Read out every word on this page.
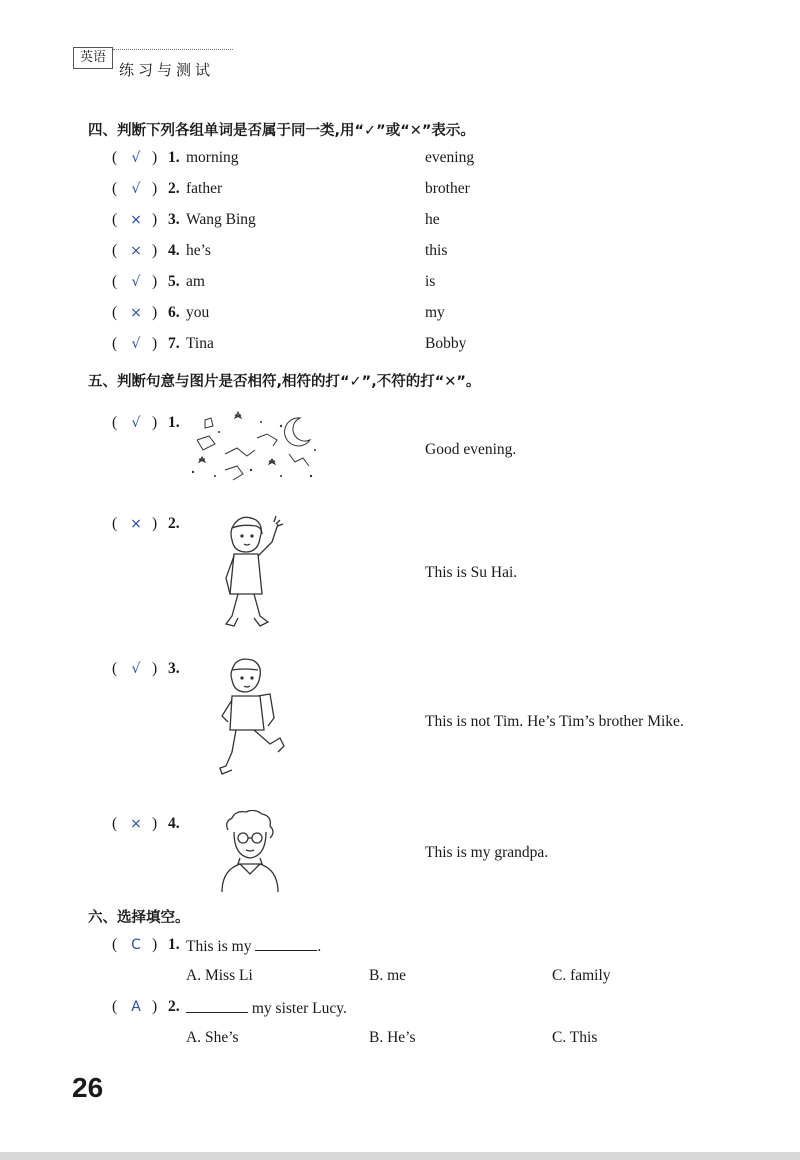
英语
练习与测试
四、判断下列各组单词是否属于同一类,用“✓”或“✕”表示。
(	√ ) 1. morning	evening
(	√ ) 2. father	brother
( × ) 3. Wang Bing	he
( × ) 4. he’s	this
(	√ ) 5. am	is
( × ) 6. you	my
(	√ ) 7. Tina	Bobby
五、判断句意与图片是否相符,相符的打“✓”,不符的打“✕”。
(	√ ) 1.
Good evening.
( × ) 2.
This is Su Hai.
(	√ ) 3.
This is not Tim. He’s Tim’s brother Mike.
( × ) 4.
This is my grandpa.
六、选择填空。
( C ) 1. This is my	.
A. Miss Li	B. me	C. family
(	A ) 2.	my sister Lucy.
A. She’s	B. He’s	C. This
26
